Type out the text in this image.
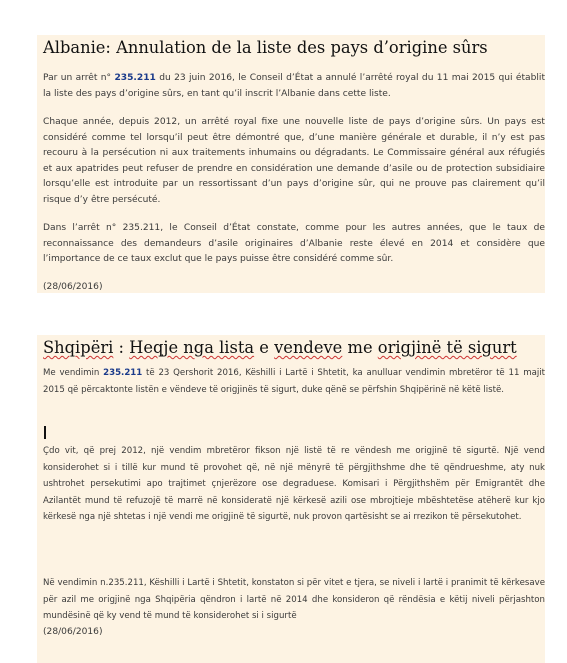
Albanie: Annulation de la liste des pays d’origine sûrs

Par un arrêt n° 235.211 du 23 juin 2016, le Conseil d’État a annulé l’arrêté royal du 11 mai 2015 qui établit la liste des pays d’origine sûrs, en tant qu’il inscrit l’Albanie dans cette liste.

Chaque année, depuis 2012, un arrêté royal fixe une nouvelle liste de pays d’origine sûrs. Un pays est considéré comme tel lorsqu’il peut être démontré que, d’une manière générale et durable, il n’y est pas recouru à la persécution ni aux traitements inhumains ou dégradants. Le Commissaire général aux réfugiés et aux apatrides peut refuser de prendre en considération une demande d’asile ou de protection subsidiaire lorsqu’elle est introduite par un ressortissant d’un pays d’origine sûr, qui ne prouve pas clairement qu’il risque d’y être persécuté.

Dans l’arrêt n° 235.211, le Conseil d’État constate, comme pour les autres années, que le taux de reconnaissance des demandeurs d’asile originaires d’Albanie reste élevé en 2014 et considère que l’importance de ce taux exclut que le pays puisse être considéré comme sûr.

(28/06/2016)

Shqipëri : Heqje nga lista e vendeve me origjinë të sigurt

Me vendimin 235.211 të 23 Qershorit 2016, Këshilli i Lartë i Shtetit, ka anulluar vendimin mbretëror të 11 majit 2015 që përcaktonte listën e vëndeve të origjinës të sigurt, duke qënë se përfshin Shqipërinë në këtë listë.

Çdo vit, që prej 2012, një vendim mbretëror fikson një listë të re vëndesh me origjinë të sigurtë. Një vend konsiderohet si i tillë kur mund të provohet që, në një mënyrë të përgjithshme dhe të qëndrueshme, aty nuk ushtrohet persekutimi apo trajtimet çnjerëzore ose degraduese. Komisari i Përgjithshëm për Emigrantët dhe Azilantët mund të refuzojë të marrë në konsideratë një kërkesë azili ose mbrojtieje mbështetëse atëherë kur kjo kërkesë nga një shtetas i një vendi me origjinë të sigurtë, nuk provon qartësisht se ai rrezikon të përsekutohet.

Në vendimin n.235.211, Këshilli i Lartë i Shtetit, konstaton si për vitet e tjera, se niveli i lartë i pranimit të kërkesave për azil me origjinë nga Shqipëria qëndron i lartë në 2014 dhe konsideron që rëndësia e këtij niveli përjashton mundësinë që ky vend të mund të konsiderohet si i sigurtë

(28/06/2016)
